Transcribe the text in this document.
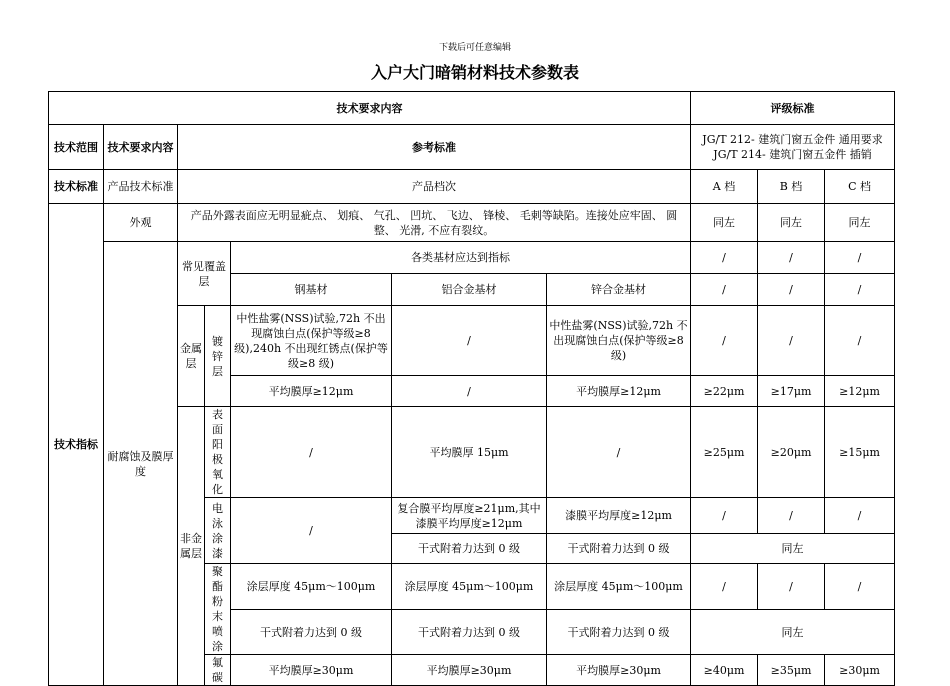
下载后可任意编辑
入户大门暗销材料技术参数表
技术要求内容							评级标准		
技术范围	技术要求内容	参考标准					JG/T 212- 建筑门窗五金件 通用要求
JG/T 214- 建筑门窗五金件 插销		

技术标准	产品技术标准	产品档次					A 档	B 档	C 档
技术指标	外观	产品外露表面应无明显疵点、 划痕、 气孔、 凹坑、 飞边、 锋棱、 毛刺等缺陷。连接处应牢固、 圆整、 光滑, 不应有裂纹。					同左	同左	同左
	耐腐蚀及膜厚度	常见覆盖层		各类基材应达到指标			/	/	/
				钢基材	铝合金基材	锌合金基材	/	/	/
		金属层	镀锌层	中性盐雾(NSS)试验,72h 不出现腐蚀白点(保护等级≥8 级),240h 不出现红锈点(保护等级≥8 级)	/	中性盐雾(NSS)试验,72h 不出现腐蚀白点(保护等级≥8 级)	/	/	/
				平均膜厚≥12μm	/	平均膜厚≥12μm	≥22μm	≥17μm	≥12μm
		非金属层	表面阳极氧化	/	平均膜厚 15μm	/	≥25μm	≥20μm	≥15μm
			电泳涂漆	/	复合膜平均厚度≥21μm,其中漆膜平均厚度≥12μm	漆膜平均厚度≥12μm	/	/	/
					干式附着力达到 0 级	干式附着力达到 0 级	同左		
			聚酯粉末喷涂	涂层厚度 45μm～100μm	涂层厚度 45μm～100μm	涂层厚度 45μm～100μm	/	/	/
				干式附着力达到 0 级	干式附着力达到 0 级	干式附着力达到 0 级	同左		
			氟碳	平均膜厚≥30μm	平均膜厚≥30μm	平均膜厚≥30μm	≥40μm	≥35μm	≥30μm
